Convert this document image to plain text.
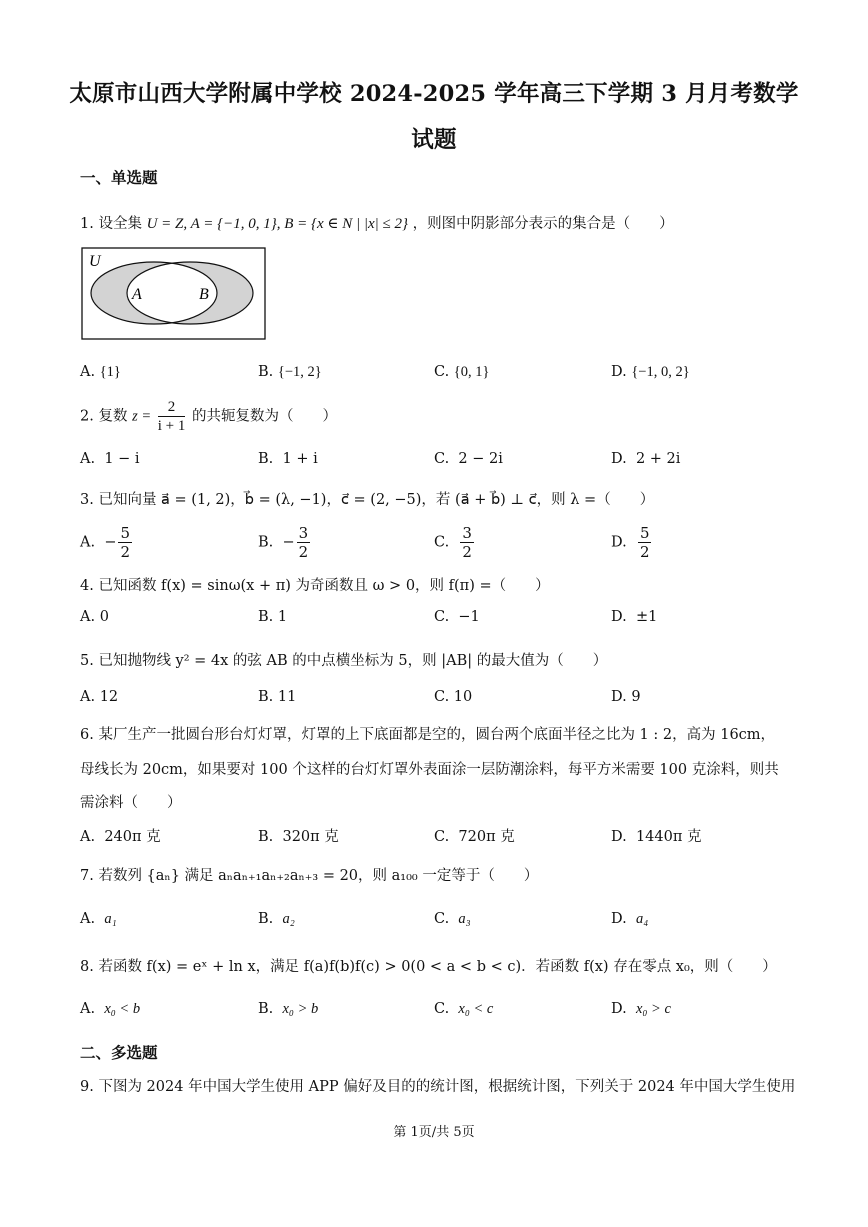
太原市山西大学附属中学校 2024-2025 学年高三下学期 3 月月考数学
试题
一、单选题
1. 设全集 U = Z, A = {−1, 0, 1}, B = {x ∈ N | |x| ≤ 2} ，则图中阴影部分表示的集合是（　　）
U
A	B
A. {1}	B. {−1, 2}	C. {0, 1}	D. {−1, 0, 2}
2. 复数 $z = \frac{2}{i + 1}$ 的共轭复数为（　　）
A. 1 − i	B. 1 + i	C. 2 − 2i	D. 2 + 2i
3. 已知向量 a⃗ = (1, 2)，b⃗ = (λ, −1)，c⃗ = (2, −5)，若 (a⃗ + b⃗) ⊥ c⃗，则 λ =（　　）
A. − $\frac{5}{2}$	B. − $\frac{3}{2}$	C. $\frac{3}{2}$	D. $\frac{5}{2}$
4. 已知函数 f(x) = sinω(x + π) 为奇函数且 ω > 0，则 f(π) =（　　）
A. 0	B. 1	C. −1	D. ±1
5. 已知抛物线 y² = 4x 的弦 AB 的中点横坐标为 5，则 |AB| 的最大值为（　　）
A. 12	B. 11	C. 10	D. 9
6. 某厂生产一批圆台形台灯灯罩，灯罩的上下底面都是空的，圆台两个底面半径之比为 1 : 2，高为 16cm，
母线长为 20cm，如果要对 100 个这样的台灯灯罩外表面涂一层防潮涂料，每平方米需要 100 克涂料，则共
需涂料（　　）
A. 240π 克	B. 320π 克	C. 720π 克	D. 1440π 克
7. 若数列 {aₙ} 满足 aₙaₙ₊₁aₙ₊₂aₙ₊₃ = 20，则 a₁₀₀ 一定等于（　　）
A. a₁	B. a₂	C. a₃	D. a₄
8. 若函数 f(x) = eˣ + ln x，满足 f(a)f(b)f(c) > 0(0 < a < b < c)．若函数 f(x) 存在零点 x₀，则（　　）
A. x₀ < b	B. x₀ > b	C. x₀ < c	D. x₀ > c
二、多选题
9. 下图为 2024 年中国大学生使用 APP 偏好及目的的统计图，根据统计图，下列关于 2024 年中国大学生使用
第 1页/共 5页
